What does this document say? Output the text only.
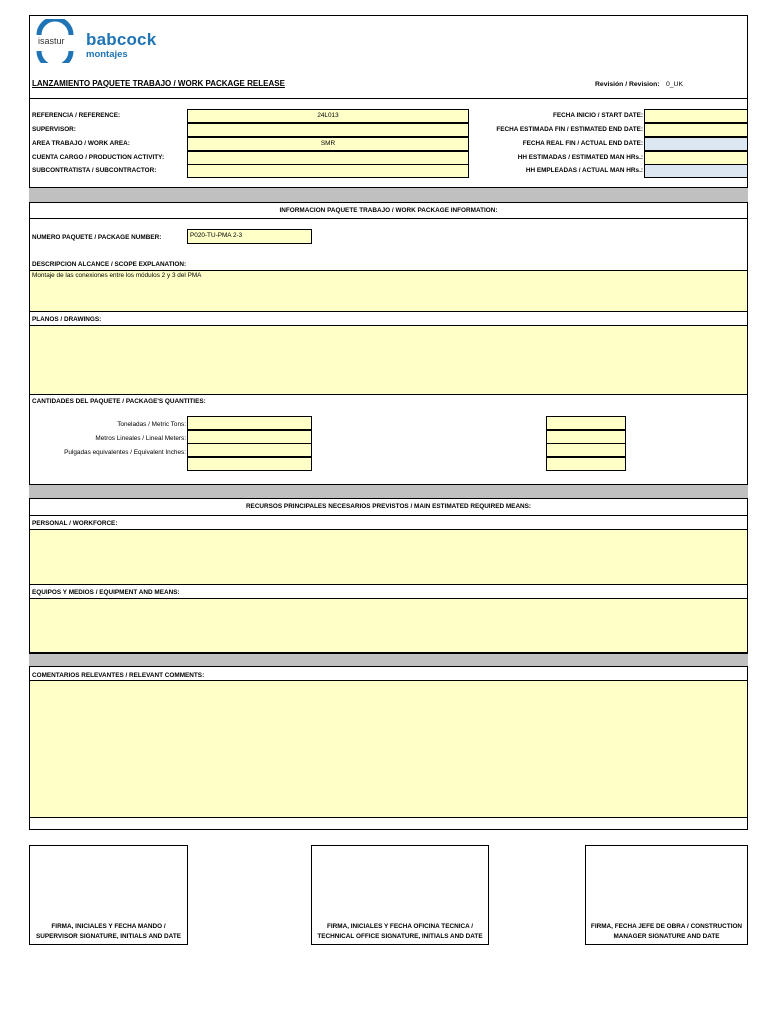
isastur babcock
montajes
LANZAMIENTO PAQUETE TRABAJO / WORK PACKAGE RELEASE	Revisión / Revision: 0_UK
REFERENCIA / REFERENCE:
SUPERVISOR:
AREA TRABAJO / WORK AREA:
CUENTA CARGO / PRODUCTION ACTIVITY:
SUBCONTRATISTA / SUBCONTRACTOR:
24L013
SMR
FECHA INICIO / START DATE:
FECHA ESTIMADA FIN / ESTIMATED END DATE:
FECHA REAL FIN / ACTUAL END DATE:
HH ESTIMADAS / ESTIMATED MAN HRs.:
HH EMPLEADAS / ACTUAL MAN HRs.:
INFORMACION PAQUETE TRABAJO / WORK PACKAGE INFORMATION:
NUMERO PAQUETE / PACKAGE NUMBER:	P020-TU-PMA 2-3
DESCRIPCION ALCANCE / SCOPE EXPLANATION:
Montaje de las conexiones entre los módulos 2 y 3 del PMA
PLANOS / DRAWINGS:
CANTIDADES DEL PAQUETE / PACKAGE'S QUANTITIES:
Toneladas / Metric Tons:
Metros Lineales / Lineal Meters:
Pulgadas equivalentes / Equivalent Inches:
RECURSOS PRINCIPALES NECESARIOS PREVISTOS / MAIN ESTIMATED REQUIRED MEANS:
PERSONAL / WORKFORCE:
EQUIPOS Y MEDIOS / EQUIPMENT AND MEANS:
COMENTARIOS RELEVANTES / RELEVANT COMMENTS:
FIRMA, INICIALES Y FECHA MANDO / SUPERVISOR SIGNATURE, INITIALS AND DATE
FIRMA, INICIALES Y FECHA OFICINA TECNICA / TECHNICAL OFFICE SIGNATURE, INITIALS AND DATE
FIRMA, FECHA JEFE DE OBRA / CONSTRUCTION MANAGER SIGNATURE AND DATE
